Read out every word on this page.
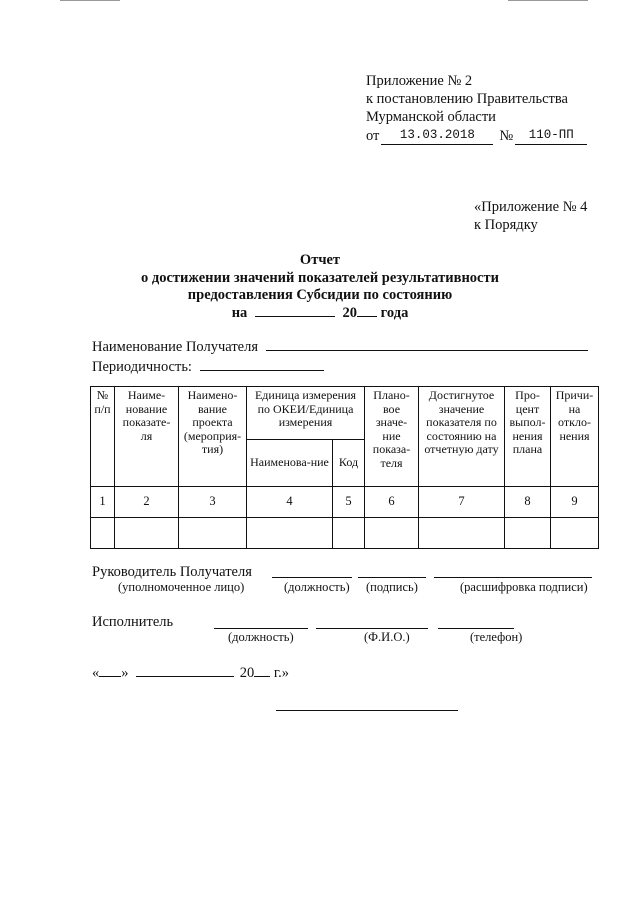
Приложение № 2
к постановлению Правительства
Мурманской области
от	13.03.2018	№	110-ПП
«Приложение № 4
к Порядку
Отчет
о достижении значений показателей результативности
предоставления Субсидии по состоянию
на	20 года
Наименование Получателя
Периодичность:
№ п/п	Наиме-нование показате-ля	Наимено-вание проекта (мероприя-тия)	Единица измерения по ОКЕИ/Единица измерения		Плано-вое значе-ние показа-теля	Достигнутое значение показателя по состоянию на отчетную дату	Про-цент выпол-нения плана	Причи-на откло-нения
			Наименова-ние	Код				
1	2	3	4	5	6	7	8	9

Руководитель Получателя
(уполномоченное лицо)	(должность) (подпись)	(расшифровка подписи)
Исполнитель
(должность)	(Ф.И.О.)	(телефон)
« »	20 г.»
